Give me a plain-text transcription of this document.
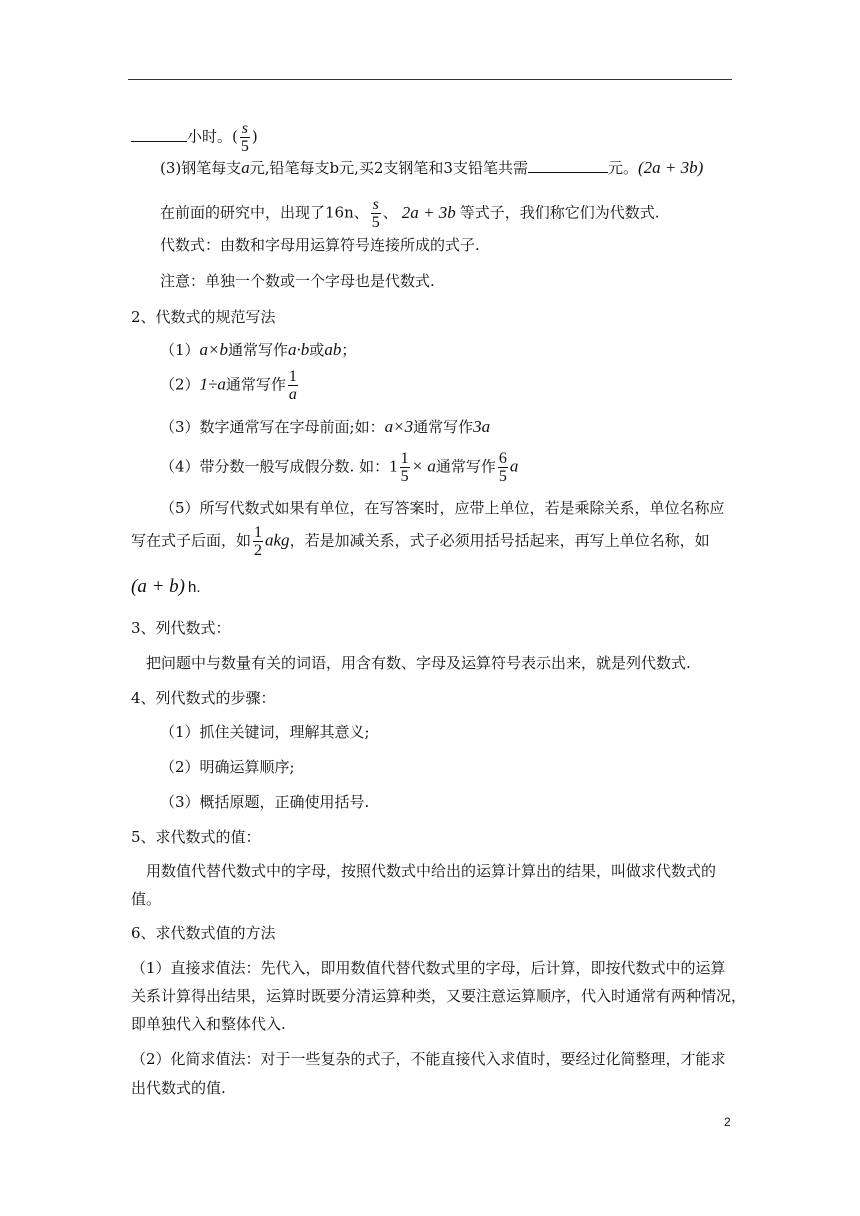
小时。( $\frac{s}{5}$ )
(3)钢笔每支a元,铅笔每支b元,买2支钢笔和3支铅笔共需	元。(2a + 3b)
在前面的研究中，出现了16n、 $\frac{s}{5}$ 、 2a + 3b 等式子，我们称它们为代数式.
代数式：由数和字母用运算符号连接所成的式子.
注意：单独一个数或一个字母也是代数式.
2、代数式的规范写法
（1）a×b通常写作a·b或ab；
（2）1÷a通常写作 $\frac{1}{a}$
（3）数字通常写在字母前面;如：a×3通常写作3a
（4）带分数一般写成假分数. 如：$1 \frac{1}{5} \times a$通常写作 $\frac{6}{5}$ a
（5）所写代数式如果有单位，在写答案时，应带上单位，若是乘除关系，单位名称应
写在式子后面，如 $\frac{1}{2}$ akg，若是加减关系，式子必须用括号括起来，再写上单位名称，如
(a + b) h.
3、列代数式：
把问题中与数量有关的词语，用含有数、字母及运算符号表示出来，就是列代数式.
4、列代数式的步骤：
（1）抓住关键词，理解其意义;
（2）明确运算顺序;
（3）概括原题，正确使用括号.
5、求代数式的值：
用数值代替代数式中的字母，按照代数式中给出的运算计算出的结果，叫做求代数式的
值。
6、求代数式值的方法
（1）直接求值法：先代入，即用数值代替代数式里的字母，后计算，即按代数式中的运算
关系计算得出结果，运算时既要分清运算种类，又要注意运算顺序，代入时通常有两种情况，
即单独代入和整体代入.
（2）化简求值法：对于一些复杂的式子，不能直接代入求值时，要经过化简整理，才能求
出代数式的值.
2
